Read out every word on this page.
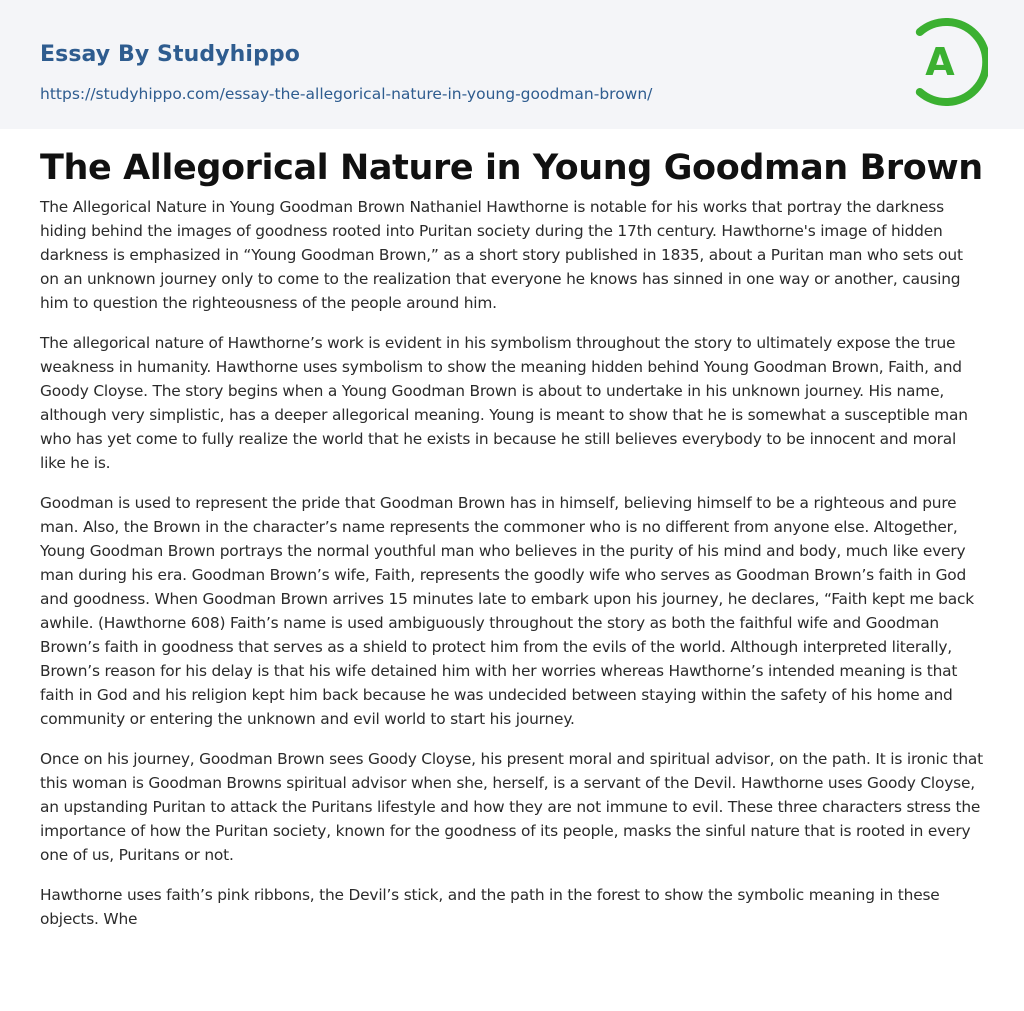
Essay By Studyhippo
https://studyhippo.com/essay-the-allegorical-nature-in-young-goodman-brown/
A
The Allegorical Nature in Young Goodman Brown

The Allegorical Nature in Young Goodman Brown Nathaniel Hawthorne is notable for his works that portray the darkness hiding behind the images of goodness rooted into Puritan society during the 17th century. Hawthorne's image of hidden darkness is emphasized in “Young Goodman Brown,” as a short story published in 1835, about a Puritan man who sets out on an unknown journey only to come to the realization that everyone he knows has sinned in one way or another, causing him to question the righteousness of the people around him.

The allegorical nature of Hawthorne’s work is evident in his symbolism throughout the story to ultimately expose the true weakness in humanity. Hawthorne uses symbolism to show the meaning hidden behind Young Goodman Brown, Faith, and Goody Cloyse. The story begins when a Young Goodman Brown is about to undertake in his unknown journey. His name, although very simplistic, has a deeper allegorical meaning. Young is meant to show that he is somewhat a susceptible man who has yet come to fully realize the world that he exists in because he still believes everybody to be innocent and moral like he is.

Goodman is used to represent the pride that Goodman Brown has in himself, believing himself to be a righteous and pure man. Also, the Brown in the character’s name represents the commoner who is no different from anyone else. Altogether, Young Goodman Brown portrays the normal youthful man who believes in the purity of his mind and body, much like every man during his era. Goodman Brown’s wife, Faith, represents the goodly wife who serves as Goodman Brown’s faith in God and goodness. When Goodman Brown arrives 15 minutes late to embark upon his journey, he declares, “Faith kept me back awhile. (Hawthorne 608) Faith’s name is used ambiguously throughout the story as both the faithful wife and Goodman Brown’s faith in goodness that serves as a shield to protect him from the evils of the world. Although interpreted literally, Brown’s reason for his delay is that his wife detained him with her worries whereas Hawthorne’s intended meaning is that faith in God and his religion kept him back because he was undecided between staying within the safety of his home and community or entering the unknown and evil world to start his journey.

Once on his journey, Goodman Brown sees Goody Cloyse, his present moral and spiritual advisor, on the path. It is ironic that this woman is Goodman Browns spiritual advisor when she, herself, is a servant of the Devil. Hawthorne uses Goody Cloyse, an upstanding Puritan to attack the Puritans lifestyle and how they are not immune to evil. These three characters stress the importance of how the Puritan society, known for the goodness of its people, masks the sinful nature that is rooted in every one of us, Puritans or not.

Hawthorne uses faith’s pink ribbons, the Devil’s stick, and the path in the forest to show the symbolic meaning in these objects. Whe
